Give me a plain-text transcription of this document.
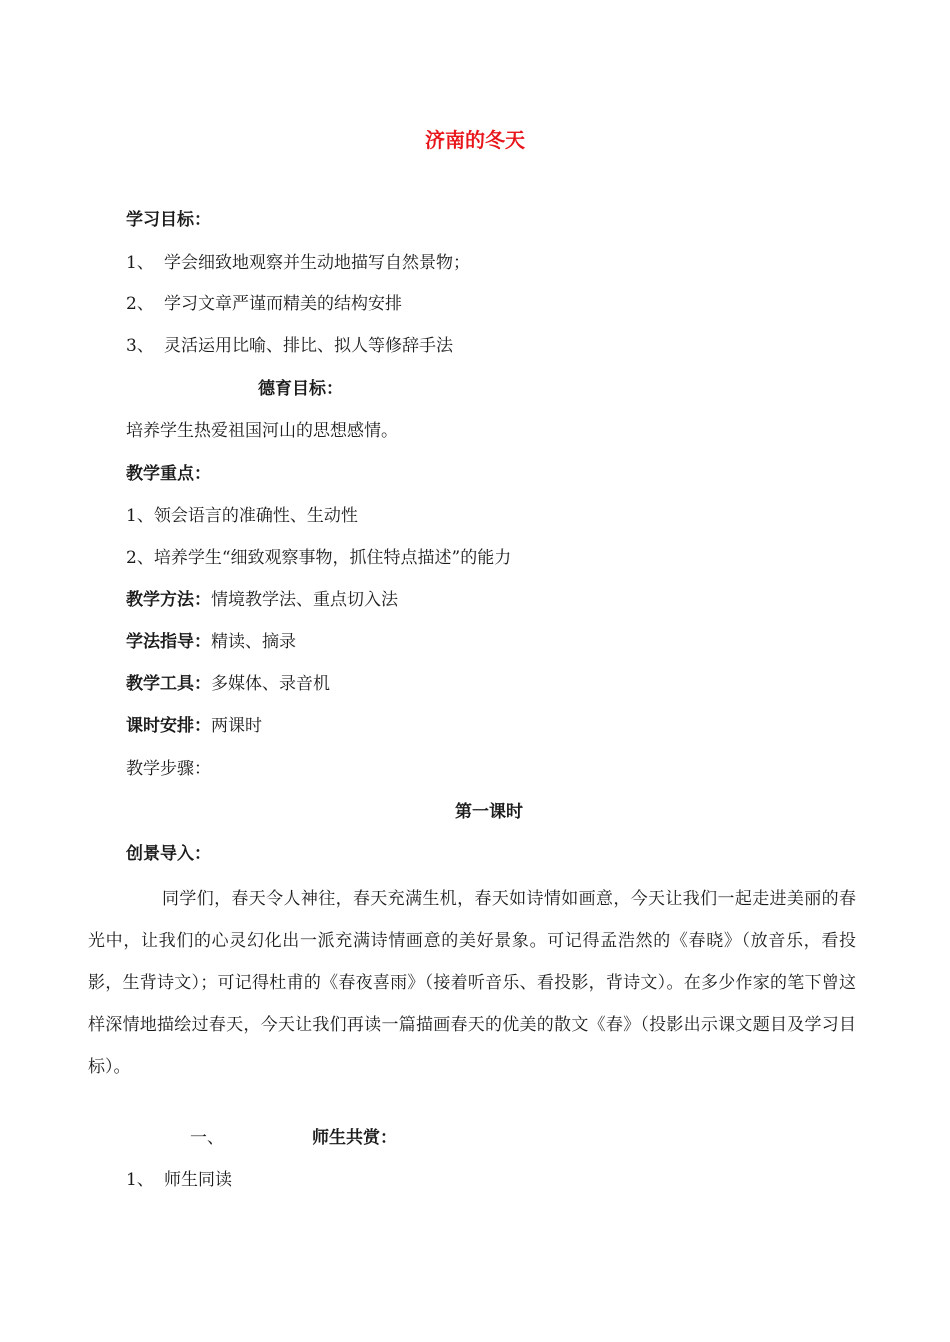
济南的冬天
学习目标：
1、 学会细致地观察并生动地描写自然景物；
2、 学习文章严谨而精美的结构安排
3、 灵活运用比喻、排比、拟人等修辞手法
德育目标：
培养学生热爱祖国河山的思想感情。
教学重点：
1、领会语言的准确性、生动性
2、培养学生“细致观察事物，抓住特点描述”的能力
教学方法：情境教学法、重点切入法
学法指导：精读、摘录
教学工具：多媒体、录音机
课时安排：两课时
教学步骤：
第一课时
创景导入：
同学们，春天令人神往，春天充满生机，春天如诗情如画意，今天让我们一起走进美丽的春光中，让我们的心灵幻化出一派充满诗情画意的美好景象。可记得孟浩然的《春晓》（放音乐，看投影，生背诗文）；可记得杜甫的《春夜喜雨》（接着听音乐、看投影，背诗文）。在多少作家的笔下曾这样深情地描绘过春天，今天让我们再读一篇描画春天的优美的散文《春》（投影出示课文题目及学习目标）。
一、	师生共赏：
1、 师生同读
